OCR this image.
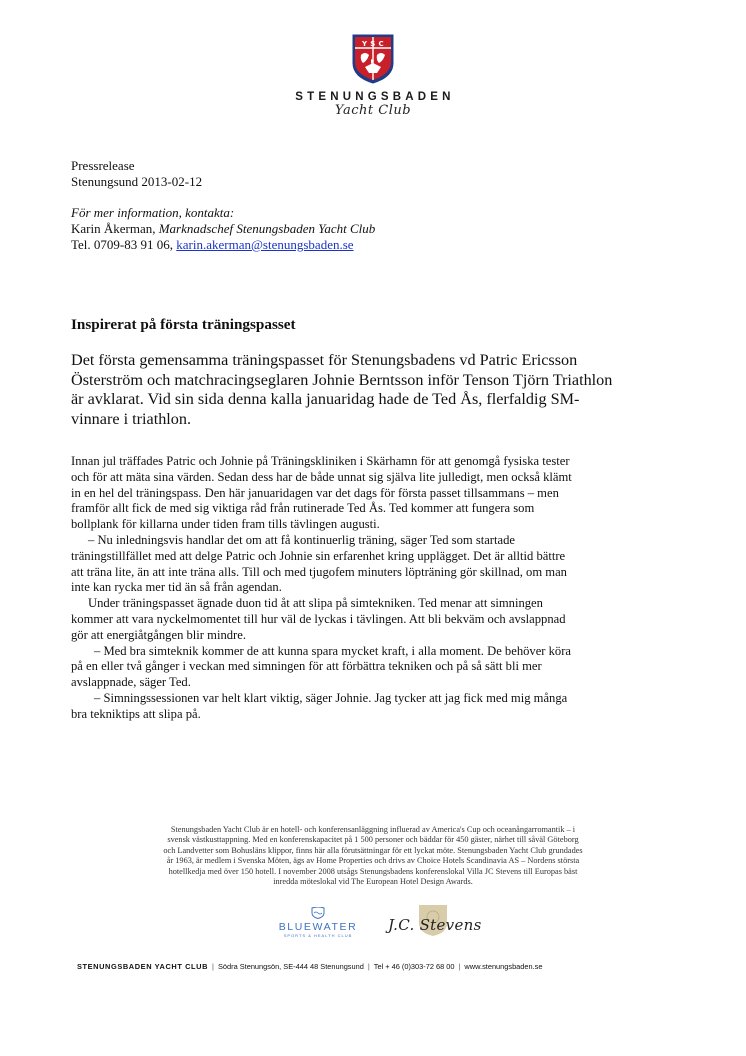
Y S C
STENUNGSBADEN
Yacht Club
Pressrelease
Stenungsund 2013-02-12
För mer information, kontakta:
Karin Åkerman, Marknadschef Stenungsbaden Yacht Club
Tel. 0709-83 91 06, karin.akerman@stenungsbaden.se
Inspirerat på första träningspasset

Det första gemensamma träningspasset för Stenungsbadens vd Patric Ericsson

Österström och matchracingseglaren Johnie Berntsson inför Tenson Tjörn Triathlon

är avklarat. Vid sin sida denna kalla januaridag hade de Ted Ås, flerfaldig SM-

vinnare i triathlon.

Innan jul träffades Patric och Johnie på Träningskliniken i Skärhamn för att genomgå fysiska tester

och för att mäta sina värden. Sedan dess har de både unnat sig själva lite julledigt, men också klämt

in en hel del träningspass. Den här januaridagen var det dags för första passet tillsammans – men

framför allt fick de med sig viktiga råd från rutinerade Ted Ås. Ted kommer att fungera som

bollplank för killarna under tiden fram tills tävlingen augusti.

– Nu inledningsvis handlar det om att få kontinuerlig träning, säger Ted som startade

träningstillfället med att delge Patric och Johnie sin erfarenhet kring upplägget. Det är alltid bättre

att träna lite, än att inte träna alls. Till och med tjugofem minuters löpträning gör skillnad, om man

inte kan rycka mer tid än så från agendan.

Under träningspasset ägnade duon tid åt att slipa på simtekniken. Ted menar att simningen

kommer att vara nyckelmomentet till hur väl de lyckas i tävlingen. Att bli bekväm och avslappnad

gör att energiåtgången blir mindre.

– Med bra simteknik kommer de att kunna spara mycket kraft, i alla moment. De behöver köra

på en eller två gånger i veckan med simningen för att förbättra tekniken och på så sätt bli mer

avslappnade, säger Ted.

– Simningssessionen var helt klart viktig, säger Johnie. Jag tycker att jag fick med mig många

bra tekniktips att slipa på.

Stenungsbaden Yacht Club är en hotell- och konferensanläggning influerad av America's Cup och oceanångarromantik – i
svensk västkusttappning. Med en konferenskapacitet på 1 500 personer och bäddar för 450 gäster, närhet till såväl Göteborg
och Landvetter som Bohusläns klippor, finns här alla förutsättningar för ett lyckat möte. Stenungsbaden Yacht Club grundades
år 1963, är medlem i Svenska Möten, ägs av Home Properties och drivs av Choice Hotels Scandinavia AS – Nordens största
hotellkedja med över 150 hotell. I november 2008 utsågs Stenungsbadens konferenslokal Villa JC Stevens till Europas bäst
inredda möteslokal vid The European Hotel Design Awards.
BLUEWATER
SPORTS & HEALTH CLUB
J.C. Stevens
STENUNGSBADEN YACHT CLUB | Södra Stenungsön, SE-444 48 Stenungsund | Tel + 46 (0)303-72 68 00 | www.stenungsbaden.se
